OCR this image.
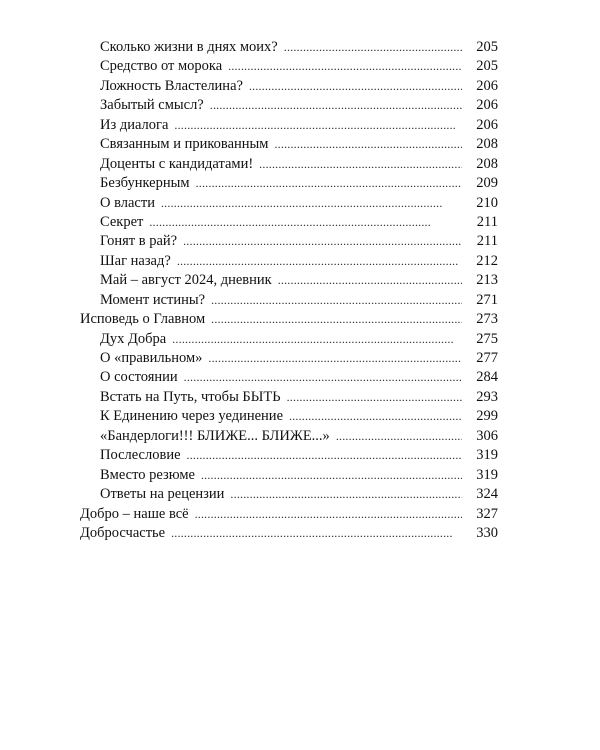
Сколько жизни в днях моих? . . .	205
Средство от морока . . .	205
Ложность Властелина? . . .	206
Забытый смысл? . . .	206
Из диалога . . .	206
Связанным и прикованным . . .	208
Доценты с кандидатами! . . .	208
Безбункерным . . .	209
О власти . . .	210
Секрет . . .	211
Гонят в рай? . . .	211
Шаг назад? . . .	212
Май – август 2024, дневник . . .	213
Момент истины? . . .	271
Исповедь о Главном . . .	273
Дух Добра . . .	275
О «правильном» . . .	277
О состоянии . . .	284
Встать на Путь, чтобы БЫТЬ . . .	293
К Единению через уединение . . .	299
«Бандерлоги!!! БЛИЖЕ... БЛИЖЕ...» . . .	306
Послесловие . . .	319
Вместо резюме . . .	319
Ответы на рецензии . . .	324
Добро – наше всё . . .	327
Добросчастье . . .	330
